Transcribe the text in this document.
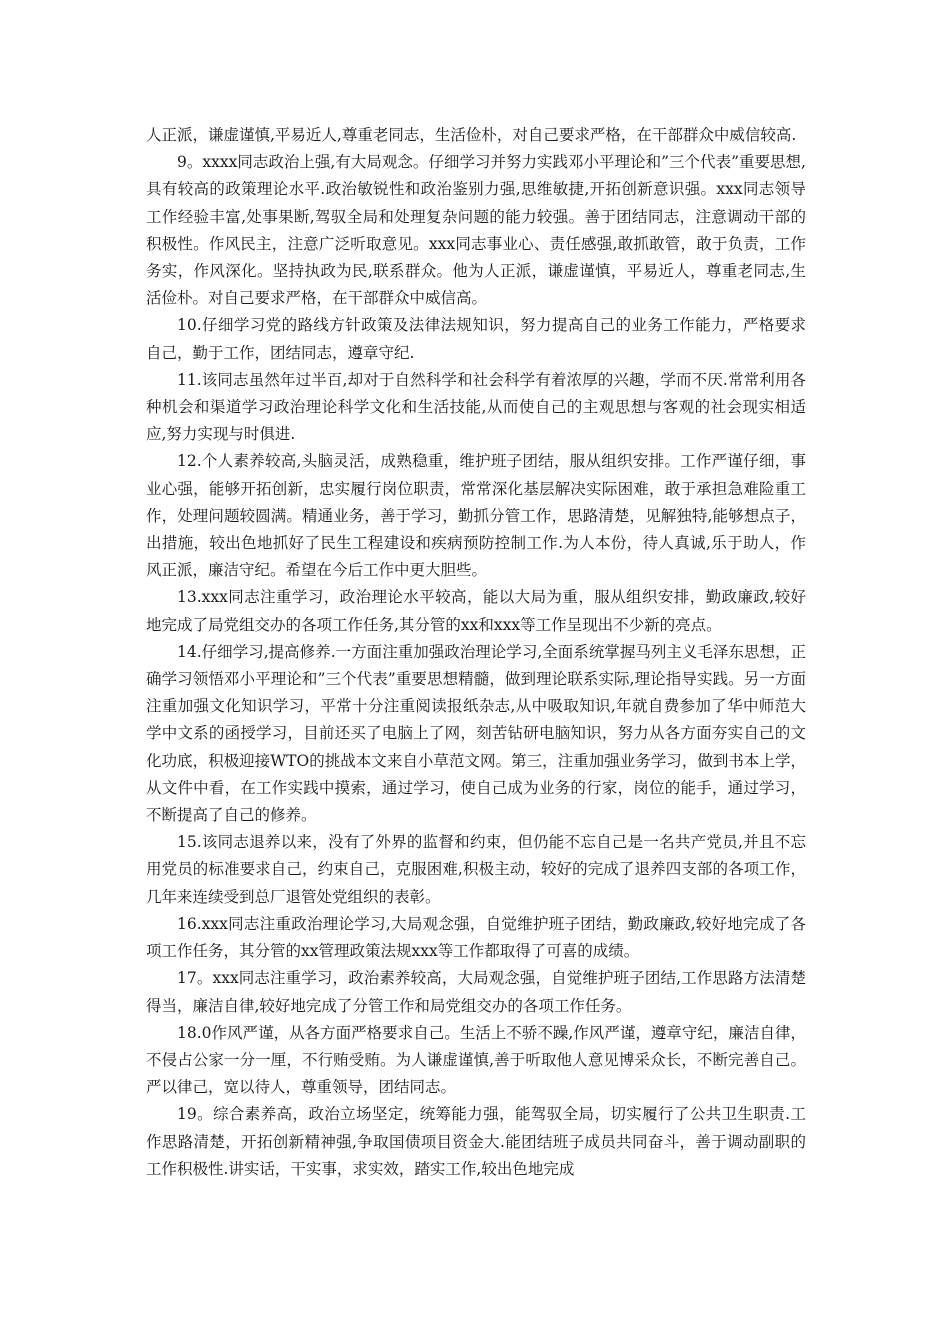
人正派，谦虚谨慎,平易近人,尊重老同志，生活俭朴，对自己要求严格，在干部群众中威信较高.

9。xxxx同志政治上强,有大局观念。仔细学习并努力实践邓小平理论和”三个代表”重要思想,具有较高的政策理论水平.政治敏锐性和政治鉴别力强,思维敏捷,开拓创新意识强。xxx同志领导工作经验丰富,处事果断,驾驭全局和处理复杂问题的能力较强。善于团结同志，注意调动干部的积极性。作风民主，注意广泛听取意见。xxx同志事业心、责任感强,敢抓敢管，敢于负责，工作务实，作风深化。坚持执政为民,联系群众。他为人正派，谦虚谨慎，平易近人，尊重老同志,生活俭朴。对自己要求严格，在干部群众中威信高。

10.仔细学习党的路线方针政策及法律法规知识，努力提高自己的业务工作能力，严格要求自己，勤于工作，团结同志，遵章守纪.

11.该同志虽然年过半百,却对于自然科学和社会科学有着浓厚的兴趣，学而不厌.常常利用各种机会和渠道学习政治理论科学文化和生活技能,从而使自己的主观思想与客观的社会现实相适应,努力实现与时俱进.

12.个人素养较高,头脑灵活，成熟稳重，维护班子团结，服从组织安排。工作严谨仔细，事业心强，能够开拓创新，忠实履行岗位职责，常常深化基层解决实际困难，敢于承担急难险重工作，处理问题较圆满。精通业务，善于学习，勤抓分管工作，思路清楚，见解独特,能够想点子，出措施，较出色地抓好了民生工程建设和疾病预防控制工作.为人本份，待人真诚,乐于助人，作风正派，廉洁守纪。希望在今后工作中更大胆些。

13.xxx同志注重学习，政治理论水平较高，能以大局为重，服从组织安排，勤政廉政,较好地完成了局党组交办的各项工作任务,其分管的xx和xxx等工作呈现出不少新的亮点。

14.仔细学习,提高修养.一方面注重加强政治理论学习,全面系统掌握马列主义毛泽东思想，正确学习领悟邓小平理论和”三个代表”重要思想精髓，做到理论联系实际,理论指导实践。另一方面注重加强文化知识学习，平常十分注重阅读报纸杂志,从中吸取知识,年就自费参加了华中师范大学中文系的函授学习，目前还买了电脑上了网，刻苦钻研电脑知识，努力从各方面夯实自己的文化功底，积极迎接WTO的挑战本文来自小草范文网。第三，注重加强业务学习，做到书本上学，从文件中看，在工作实践中摸索，通过学习，使自己成为业务的行家，岗位的能手，通过学习，不断提高了自己的修养。

15.该同志退养以来，没有了外界的监督和约束，但仍能不忘自己是一名共产党员,并且不忘用党员的标准要求自己，约束自己，克服困难,积极主动，较好的完成了退养四支部的各项工作，几年来连续受到总厂退管处党组织的表彰。

16.xxx同志注重政治理论学习,大局观念强，自觉维护班子团结，勤政廉政,较好地完成了各项工作任务，其分管的xx管理政策法规xxx等工作都取得了可喜的成绩。

17。xxx同志注重学习，政治素养较高，大局观念强，自觉维护班子团结,工作思路方法清楚得当，廉洁自律,较好地完成了分管工作和局党组交办的各项工作任务。

18.0作风严谨，从各方面严格要求自己。生活上不骄不躁,作风严谨，遵章守纪，廉洁自律，不侵占公家一分一厘，不行贿受贿。为人谦虚谨慎,善于听取他人意见博采众长，不断完善自己。严以律己，宽以待人，尊重领导，团结同志。

19。综合素养高，政治立场坚定，统筹能力强，能驾驭全局，切实履行了公共卫生职责.工作思路清楚，开拓创新精神强,争取国债项目资金大.能团结班子成员共同奋斗，善于调动副职的工作积极性.讲实话，干实事，求实效，踏实工作,较出色地完成
